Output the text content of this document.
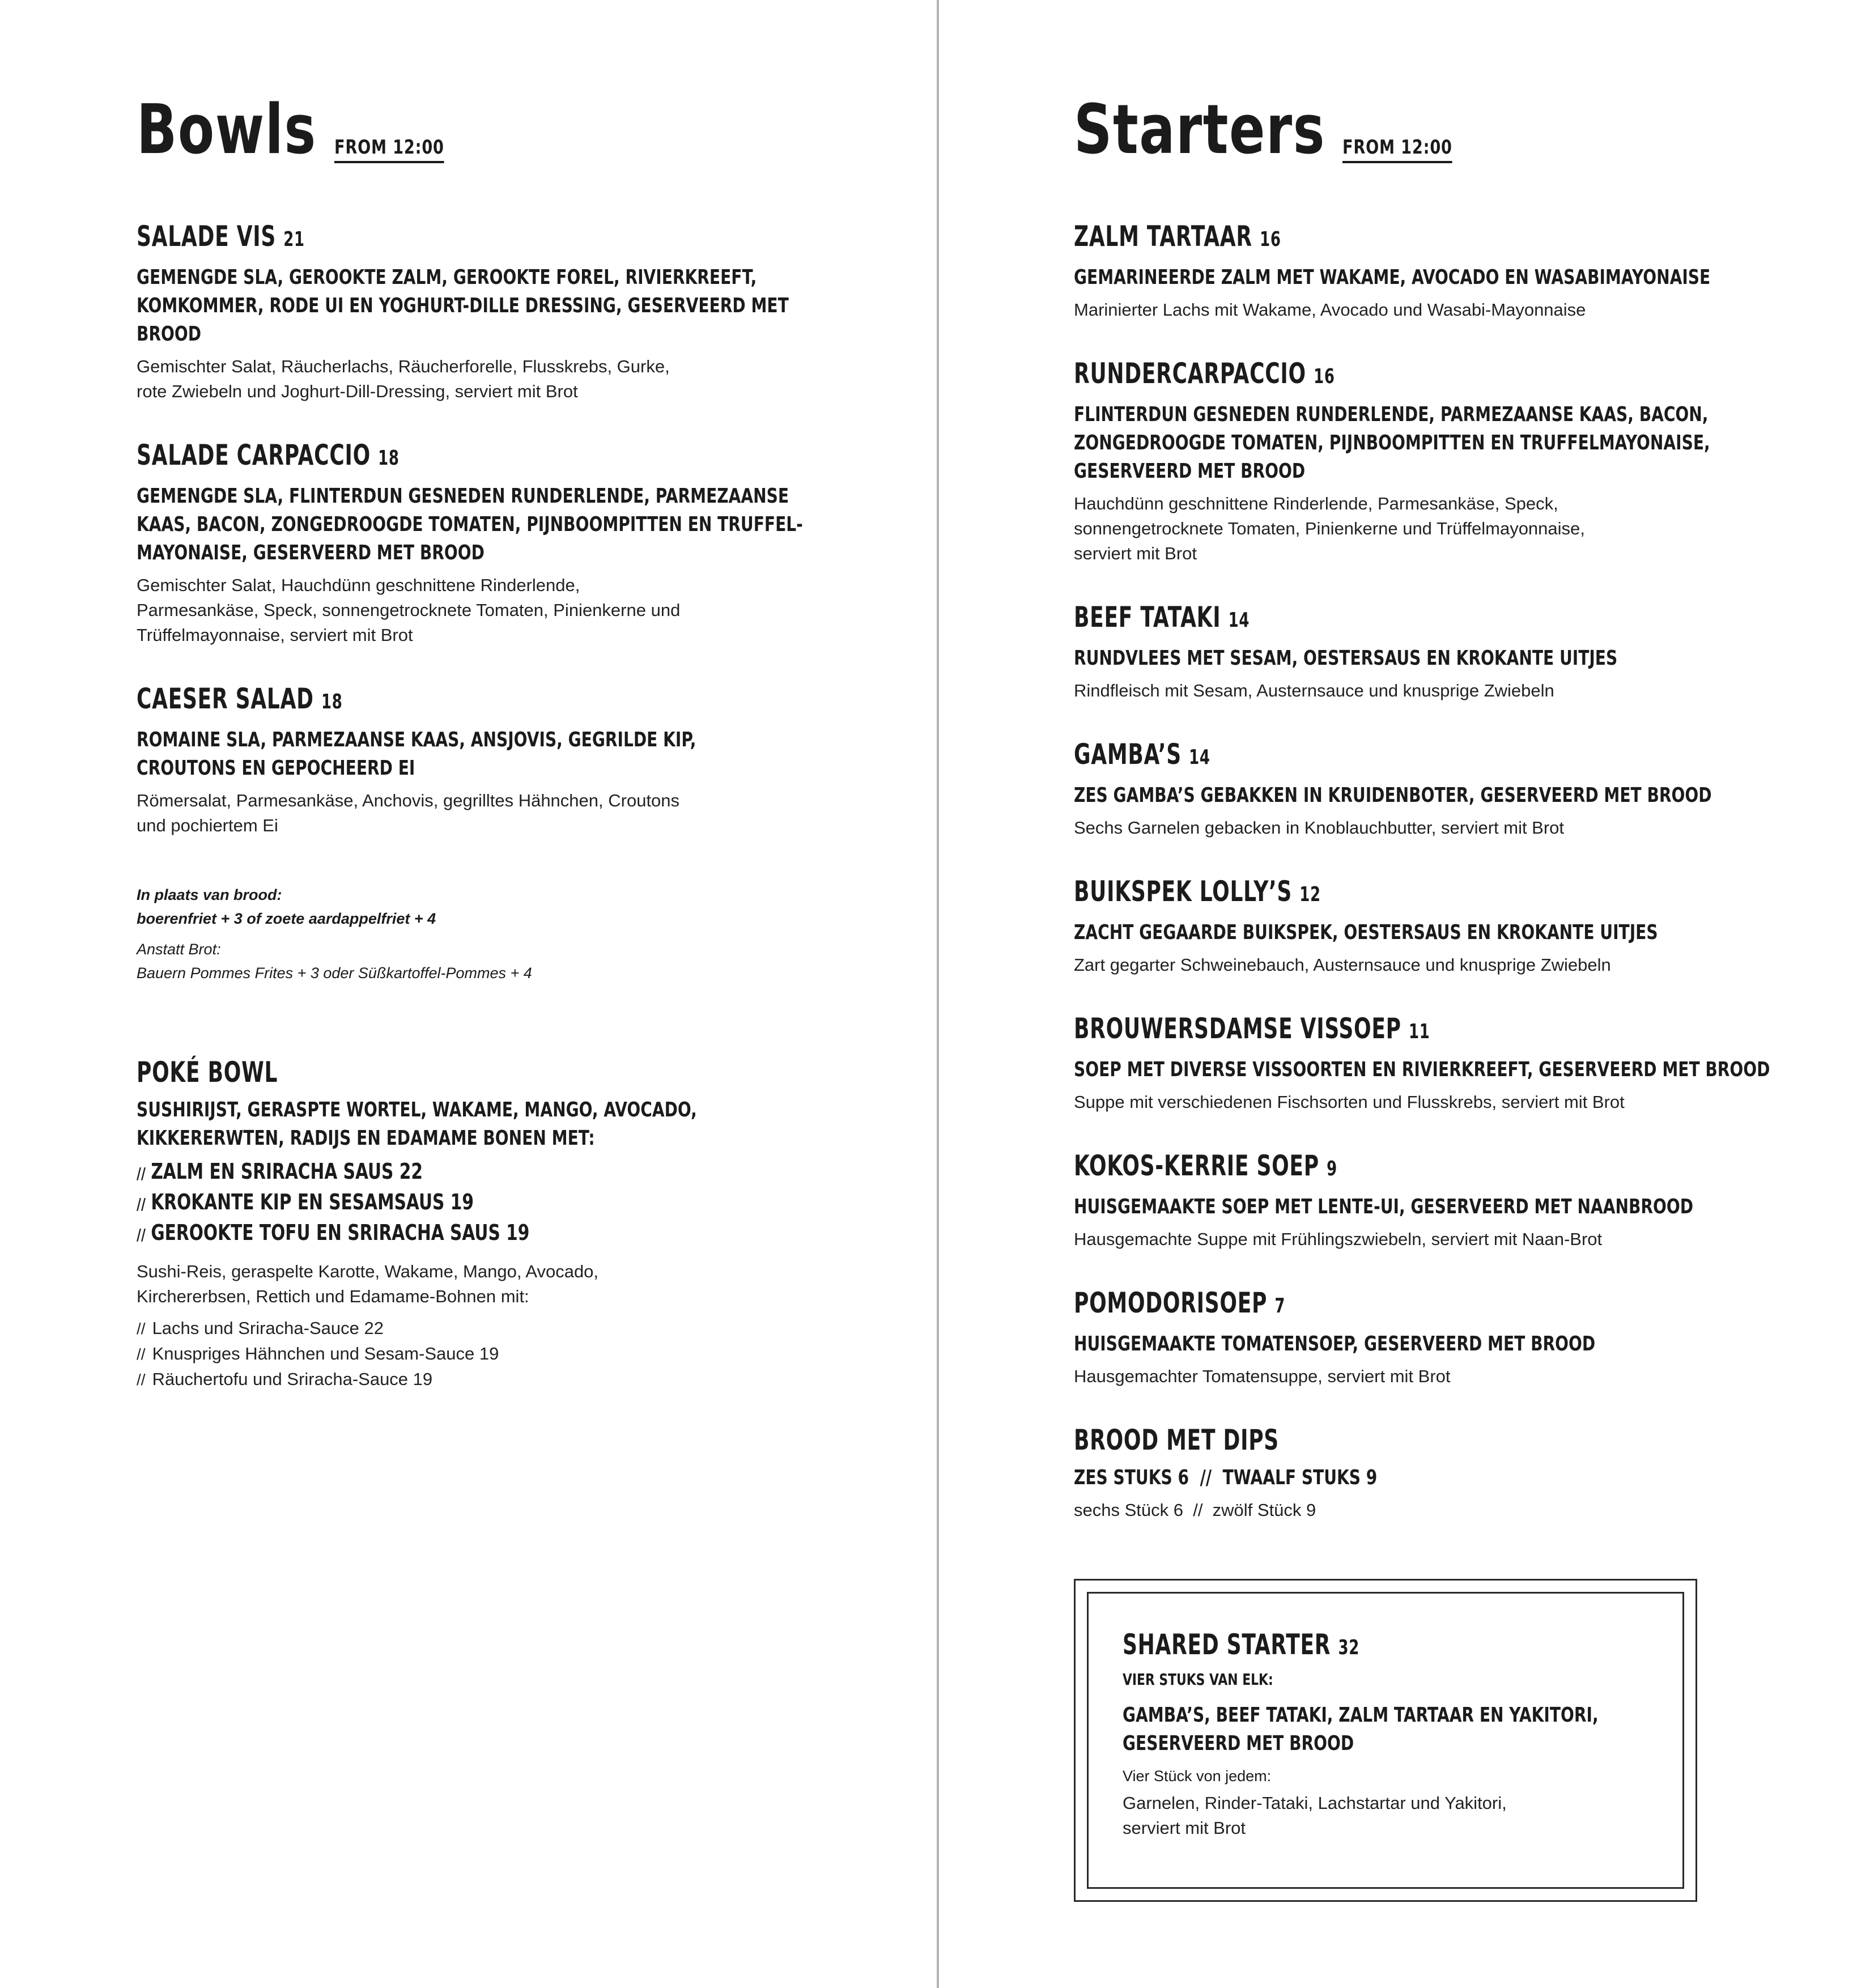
Bowls FROM 12:00
SALADE VIS 21
GEMENGDE SLA, GEROOKTE ZALM, GEROOKTE FOREL, RIVIERKREEFT,
KOMKOMMER, RODE UI EN YOGHURT-DILLE DRESSING, GESERVEERD MET
BROOD
Gemischter Salat, Räucherlachs, Räucherforelle, Flusskrebs, Gurke,
rote Zwiebeln und Joghurt-Dill-Dressing, serviert mit Brot
SALADE CARPACCIO 18
GEMENGDE SLA, FLINTERDUN GESNEDEN RUNDERLENDE, PARMEZAANSE
KAAS, BACON, ZONGEDROOGDE TOMATEN, PIJNBOOMPITTEN EN TRUFFEL-
MAYONAISE, GESERVEERD MET BROOD
Gemischter Salat, Hauchdünn geschnittene Rinderlende,
Parmesankäse, Speck, sonnengetrocknete Tomaten, Pinienkerne und
Trüffelmayonnaise, serviert mit Brot
CAESER SALAD 18
ROMAINE SLA, PARMEZAANSE KAAS, ANSJOVIS, GEGRILDE KIP,
CROUTONS EN GEPOCHEERD EI
Römersalat, Parmesankäse, Anchovis, gegrilltes Hähnchen, Croutons
und pochiertem Ei
In plaats van brood:
boerenfriet + 3 of zoete aardappelfriet + 4
Anstatt Brot:
Bauern Pommes Frites + 3 oder Süßkartoffel-Pommes + 4
POKÉ BOWL
SUSHIRIJST, GERASPTE WORTEL, WAKAME, MANGO, AVOCADO,
KIKKERERWTEN, RADIJS EN EDAMAME BONEN MET:
// ZALM EN SRIRACHA SAUS 22
// KROKANTE KIP EN SESAMSAUS 19
// GEROOKTE TOFU EN SRIRACHA SAUS 19
Sushi-Reis, geraspelte Karotte, Wakame, Mango, Avocado,
Kirchererbsen, Rettich und Edamame-Bohnen mit:
// Lachs und Sriracha-Sauce 22
// Knuspriges Hähnchen und Sesam-Sauce 19
// Räuchertofu und Sriracha-Sauce 19
Starters FROM 12:00
ZALM TARTAAR 16
GEMARINEERDE ZALM MET WAKAME, AVOCADO EN WASABIMAYONAISE
Marinierter Lachs mit Wakame, Avocado und Wasabi-Mayonnaise
RUNDERCARPACCIO 16
FLINTERDUN GESNEDEN RUNDERLENDE, PARMEZAANSE KAAS, BACON,
ZONGEDROOGDE TOMATEN, PIJNBOOMPITTEN EN TRUFFELMAYONAISE,
GESERVEERD MET BROOD
Hauchdünn geschnittene Rinderlende, Parmesankäse, Speck,
sonnengetrocknete Tomaten, Pinienkerne und Trüffelmayonnaise,
serviert mit Brot
BEEF TATAKI 14
RUNDVLEES MET SESAM, OESTERSAUS EN KROKANTE UITJES
Rindfleisch mit Sesam, Austernsauce und knusprige Zwiebeln
GAMBA’S 14
ZES GAMBA’S GEBAKKEN IN KRUIDENBOTER, GESERVEERD MET BROOD
Sechs Garnelen gebacken in Knoblauchbutter, serviert mit Brot
BUIKSPEK LOLLY’S 12
ZACHT GEGAARDE BUIKSPEK, OESTERSAUS EN KROKANTE UITJES
Zart gegarter Schweinebauch, Austernsauce und knusprige Zwiebeln
BROUWERSDAMSE VISSOEP 11
SOEP MET DIVERSE VISSOORTEN EN RIVIERKREEFT, GESERVEERD MET BROOD
Suppe mit verschiedenen Fischsorten und Flusskrebs, serviert mit Brot
KOKOS-KERRIE SOEP 9
HUISGEMAAKTE SOEP MET LENTE-UI, GESERVEERD MET NAANBROOD
Hausgemachte Suppe mit Frühlingszwiebeln, serviert mit Naan-Brot
POMODORISOEP 7
HUISGEMAAKTE TOMATENSOEP, GESERVEERD MET BROOD
Hausgemachter Tomatensuppe, serviert mit Brot
BROOD MET DIPS
ZES STUKS 6  //  TWAALF STUKS 9
sechs Stück 6  //  zwölf Stück 9
SHARED STARTER 32
VIER STUKS VAN ELK:
GAMBA’S, BEEF TATAKI, ZALM TARTAAR EN YAKITORI,
GESERVEERD MET BROOD
Vier Stück von jedem:
Garnelen, Rinder-Tataki, Lachstartar und Yakitori,
serviert mit Brot
